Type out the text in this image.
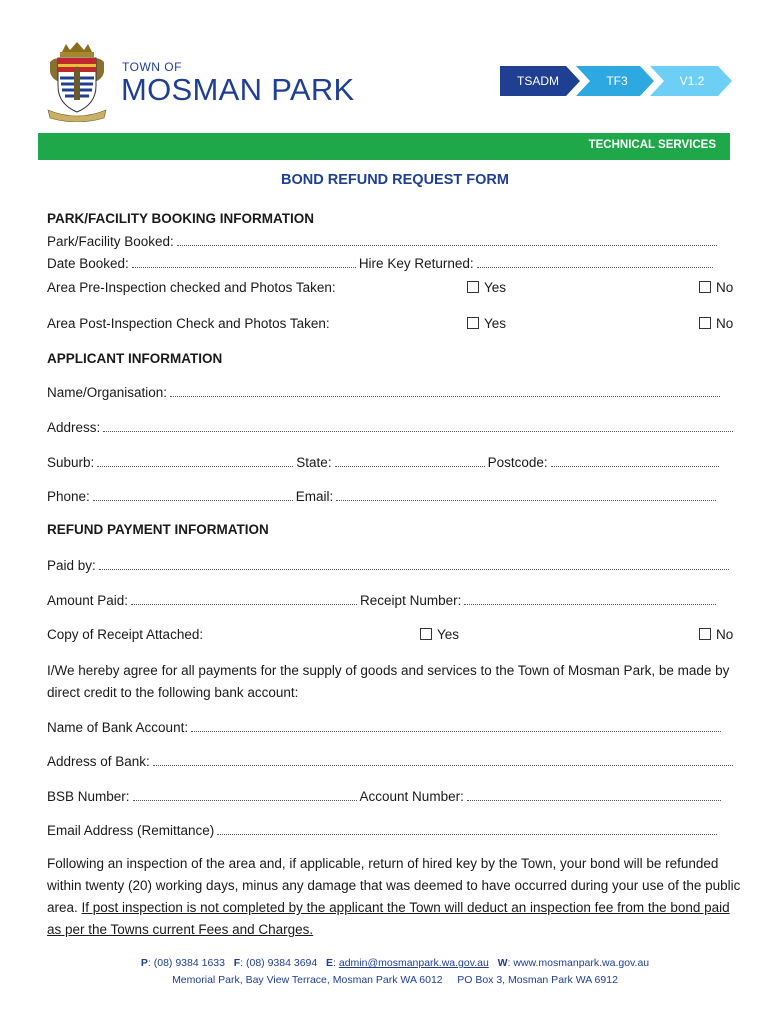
TOWN OF
MOSMAN PARK	TSADM	TF3	V1.2
TECHNICAL SERVICES
BOND REFUND REQUEST FORM
PARK/FACILITY BOOKING INFORMATION
Park/Facility Booked:
Date Booked:	Hire Key Returned:
Area Pre-Inspection checked and Photos Taken:	Yes	No
Area Post-Inspection Check and Photos Taken:	Yes	No
APPLICANT INFORMATION
Name/Organisation:
Address:
Suburb:	State:	Postcode:
Phone:	Email:
REFUND PAYMENT INFORMATION
Paid by:
Amount Paid:	Receipt Number:
Copy of Receipt Attached:	Yes	No
I/We hereby agree for all payments for the supply of goods and services to the Town of Mosman Park, be made by direct credit to the following bank account:
Name of Bank Account:
Address of Bank:
BSB Number:	Account Number:
Email Address (Remittance)
Following an inspection of the area and, if applicable, return of hired key by the Town, your bond will be refunded within twenty (20) working days, minus any damage that was deemed to have occurred during your use of the public area. If post inspection is not completed by the applicant the Town will deduct an inspection fee from the bond paid as per the Towns current Fees and Charges.
P: (08) 9384 1633 F: (08) 9384 3694 E: admin@mosmanpark.wa.gov.au W: www.mosmanpark.wa.gov.au
Memorial Park, Bay View Terrace, Mosman Park WA 6012 PO Box 3, Mosman Park WA 6912
